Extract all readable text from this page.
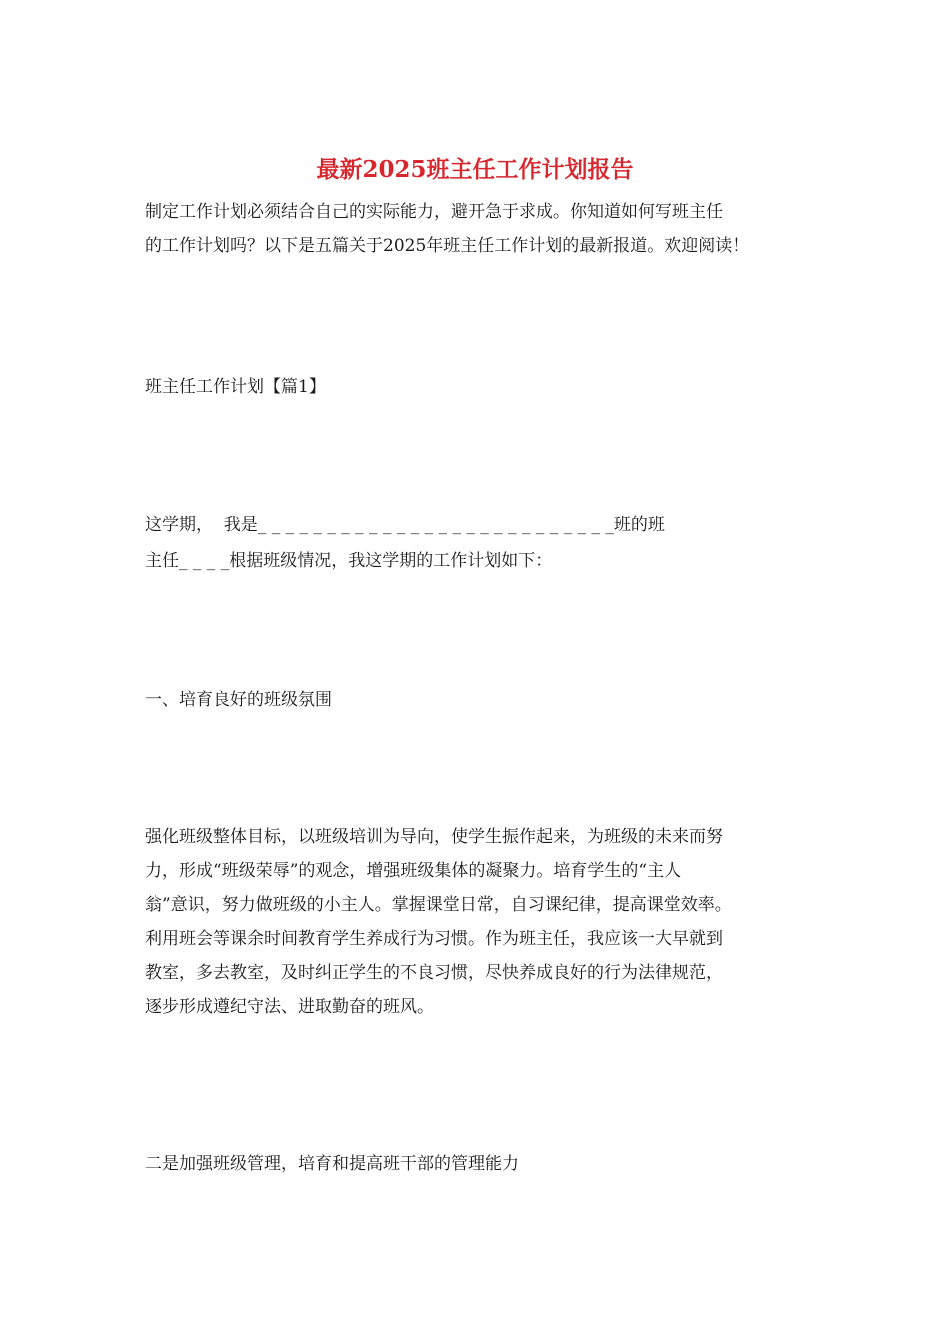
最新2025班主任工作计划报告
制定工作计划必须结合自己的实际能力，避开急于求成。你知道如何写班主任
的工作计划吗？以下是五篇关于2025年班主任工作计划的最新报道。欢迎阅读！
班主任工作计划【篇1】
这学期，  我是_ _ _ _ _ _ _ _ _ _ _ _ _ _ _ _ _ _ _ _ _ _ _ _ _ _班的班
主任_ _ _ _根据班级情况，我这学期的工作计划如下：
一、培育良好的班级氛围
强化班级整体目标，以班级培训为导向，使学生振作起来，为班级的未来而努
力，形成“班级荣辱”的观念，增强班级集体的凝聚力。培育学生的“主人
翁”意识，努力做班级的小主人。掌握课堂日常，自习课纪律，提高课堂效率。
利用班会等课余时间教育学生养成行为习惯。作为班主任，我应该一大早就到
教室，多去教室，及时纠正学生的不良习惯，尽快养成良好的行为法律规范，
逐步形成遵纪守法、进取勤奋的班风。
二是加强班级管理，培育和提高班干部的管理能力
